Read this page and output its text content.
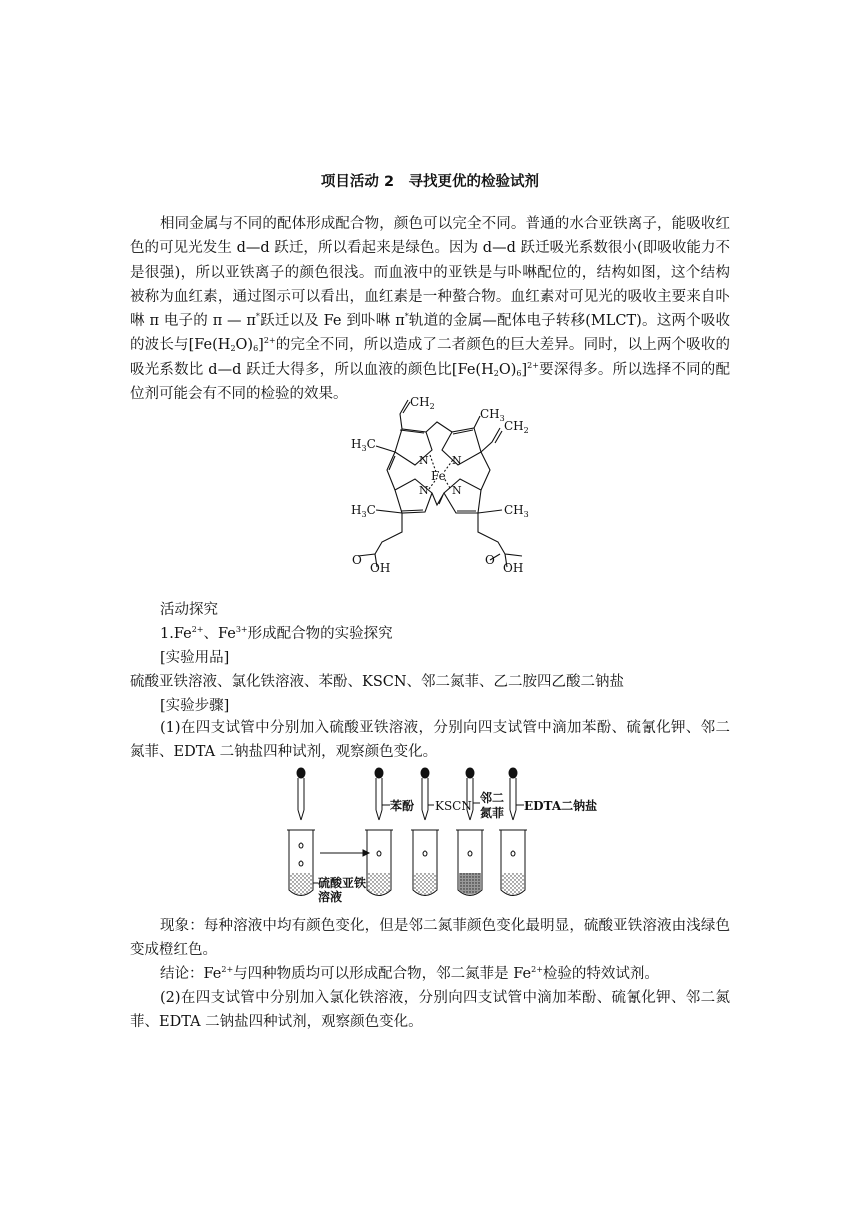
项目活动 2　寻找更优的检验试剂
相同金属与不同的配体形成配合物，颜色可以完全不同。普通的水合亚铁离子，能吸收红色的可见光发生 d—d 跃迁，所以看起来是绿色。因为 d—d 跃迁吸光系数很小(即吸收能力不是很强)，所以亚铁离子的颜色很浅。而血液中的亚铁是与卟啉配位的，结构如图，这个结构被称为血红素，通过图示可以看出，血红素是一种螯合物。血红素对可见光的吸收主要来自卟啉 π 电子的 π — π*跃迁以及 Fe 到卟啉 π*轨道的金属—配体电子转移(MLCT)。这两个吸收的波长与$[Fe(H_2O)_6]^{2+}$的完全不同，所以造成了二者颜色的巨大差异。同时，以上两个吸收的吸光系数比 d—d 跃迁大得多，所以血液的颜色比$[Fe(H_2O)_6]^{2+}$要深得多。所以选择不同的配位剂可能会有不同的检验的效果。	$CH_2$
$CH_3$
$CH_2$
$H_3C$
$H_3C$	$CH_3$
N N
N N
Fe
O
OH
O
OH
活动探究
$1.Fe^{2+}$、$Fe^{3+}$形成配合物的实验探究
[实验用品]
硫酸亚铁溶液、氯化铁溶液、苯酚、KSCN、邻二氮菲、乙二胺四乙酸二钠盐
[实验步骤]
(1)在四支试管中分别加入硫酸亚铁溶液，分别向四支试管中滴加苯酚、硫氰化钾、邻二氮菲、EDTA 二钠盐四种试剂，观察颜色变化。
苯酚 KSCN
邻二
氮菲 EDTA二钠盐
硫酸亚铁
溶液
现象：每种溶液中均有颜色变化，但是邻二氮菲颜色变化最明显，硫酸亚铁溶液由浅绿色变成橙红色。
结论：$Fe^{2+}$与四种物质均可以形成配合物，邻二氮菲是 $Fe^{2+}$检验的特效试剂。
(2)在四支试管中分别加入氯化铁溶液，分别向四支试管中滴加苯酚、硫氰化钾、邻二氮菲、EDTA 二钠盐四种试剂，观察颜色变化。
